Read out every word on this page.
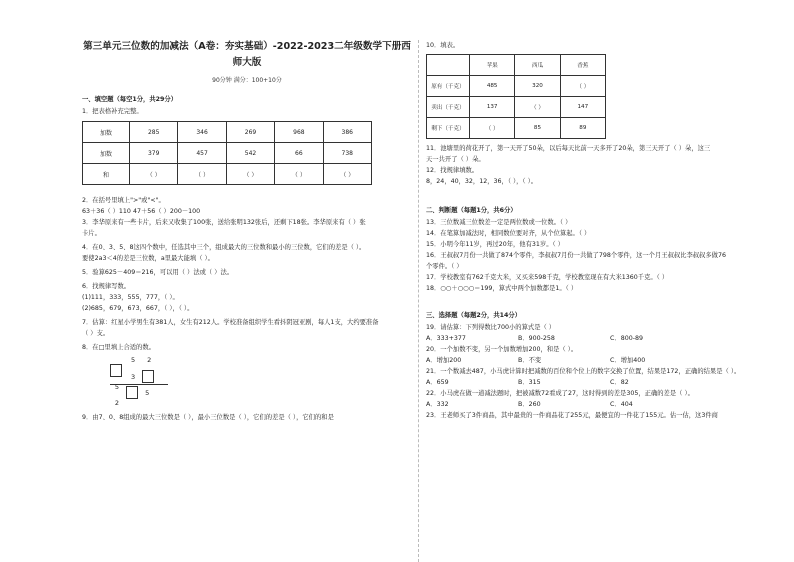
第三单元三位数的加减法（A卷：夯实基础）-2022-2023二年级数学下册西
师大版
90分钟 满分：100+10分
一、填空题（每空1分，共29分）
1．把表格补充完整。
加数	285	346	269	968	386
加数	379	457	542	66	738
和	（ ）	（ ）	（ ）	（ ）	（ ）
2．在括号里填上">"或"<"。
63＋36（ ）110 47＋56（ ）200－100
3．李华原来有一些卡片，后来又收集了100张，送给张明132张后，还剩下18张。李华原来有（ ）张
卡片。
4．在0、3、5、8这四个数中，任选其中三个，组成最大的三位数和最小的三位数，它们的差是（ ）。
要使2a3＜4的差是三位数，a里最大能填（ ）。
5．验算625－409＝216，可以用（ ）法或（ ）法。
6．找规律写数。
(1)111，333，555，777，（ ）。
(2)685，679，673，667，（ ），（ ）。
7．估算：红星小学男生有381人，女生有212人。学校准备组织学生看抖阴冠亚剧，每人1支，大约要准备
（ ）支。
8．在□里填上合适的数。
5 2
－ 3  5
5 2
9．由7、0、8组成的最大三位数是（ ），最小三位数是（ ），它们的差是（ ），它们的和是
10．填表。
	苹果	西瓜	香蕉
原有（千克）	485	320	（ ）
卖出（千克）	137	（ ）	147
剩下（千克）	（ ）	85	89
11．池塘里的荷花开了，第一天开了50朵，以后每天比前一天多开了20朵，第三天开了（ ）朵，这三
天一共开了（ ）朵。
12．找规律填数。
8，24，40，32，12，36，（ ），（ ）。
二、判断题（每题1分，共6分）
13．三位数减三位数差一定是两位数或一位数。（ ）
14．在笔算加减法时，相同数位要对齐，从个位算起。（ ）
15．小明今年11岁，再过20年，他有31岁。（ ）
16．王叔叔7月份一共做了874个零件，李叔叔7月份一共做了798个零件，这一个月王叔叔比李叔叔多做76
个零件。（ ）
17．学校教室有762千克大米，又买来598千克，学校教室现在有大米1360千克。（ ）
18．○○＋○○○＝199，算式中两个加数都是1。（ ）
三、选择题（每题2分，共14分）
19．请估算：下列得数比700小的算式是（ ）
A．333+377	B．900-258	C．800-89
20．一个加数不变，另一个加数增加200，和是（ ）。
A．增加200	B．不变	C．增加400
21．一个数减去487，小马虎计算时把减数的百位和个位上的数字交换了位置，结果是172，正确的结果是（ ）。
A．659	B．315	C．82
22．小马虎在做一道减法题时，把被减数72看成了27，这时得到的差是305，正确的差是（ ）。
A．332	B．260	C．404
23．王老师买了3件商品，其中最贵的一件商品花了255元，最便宜的一件花了155元。估一估，这3件商
